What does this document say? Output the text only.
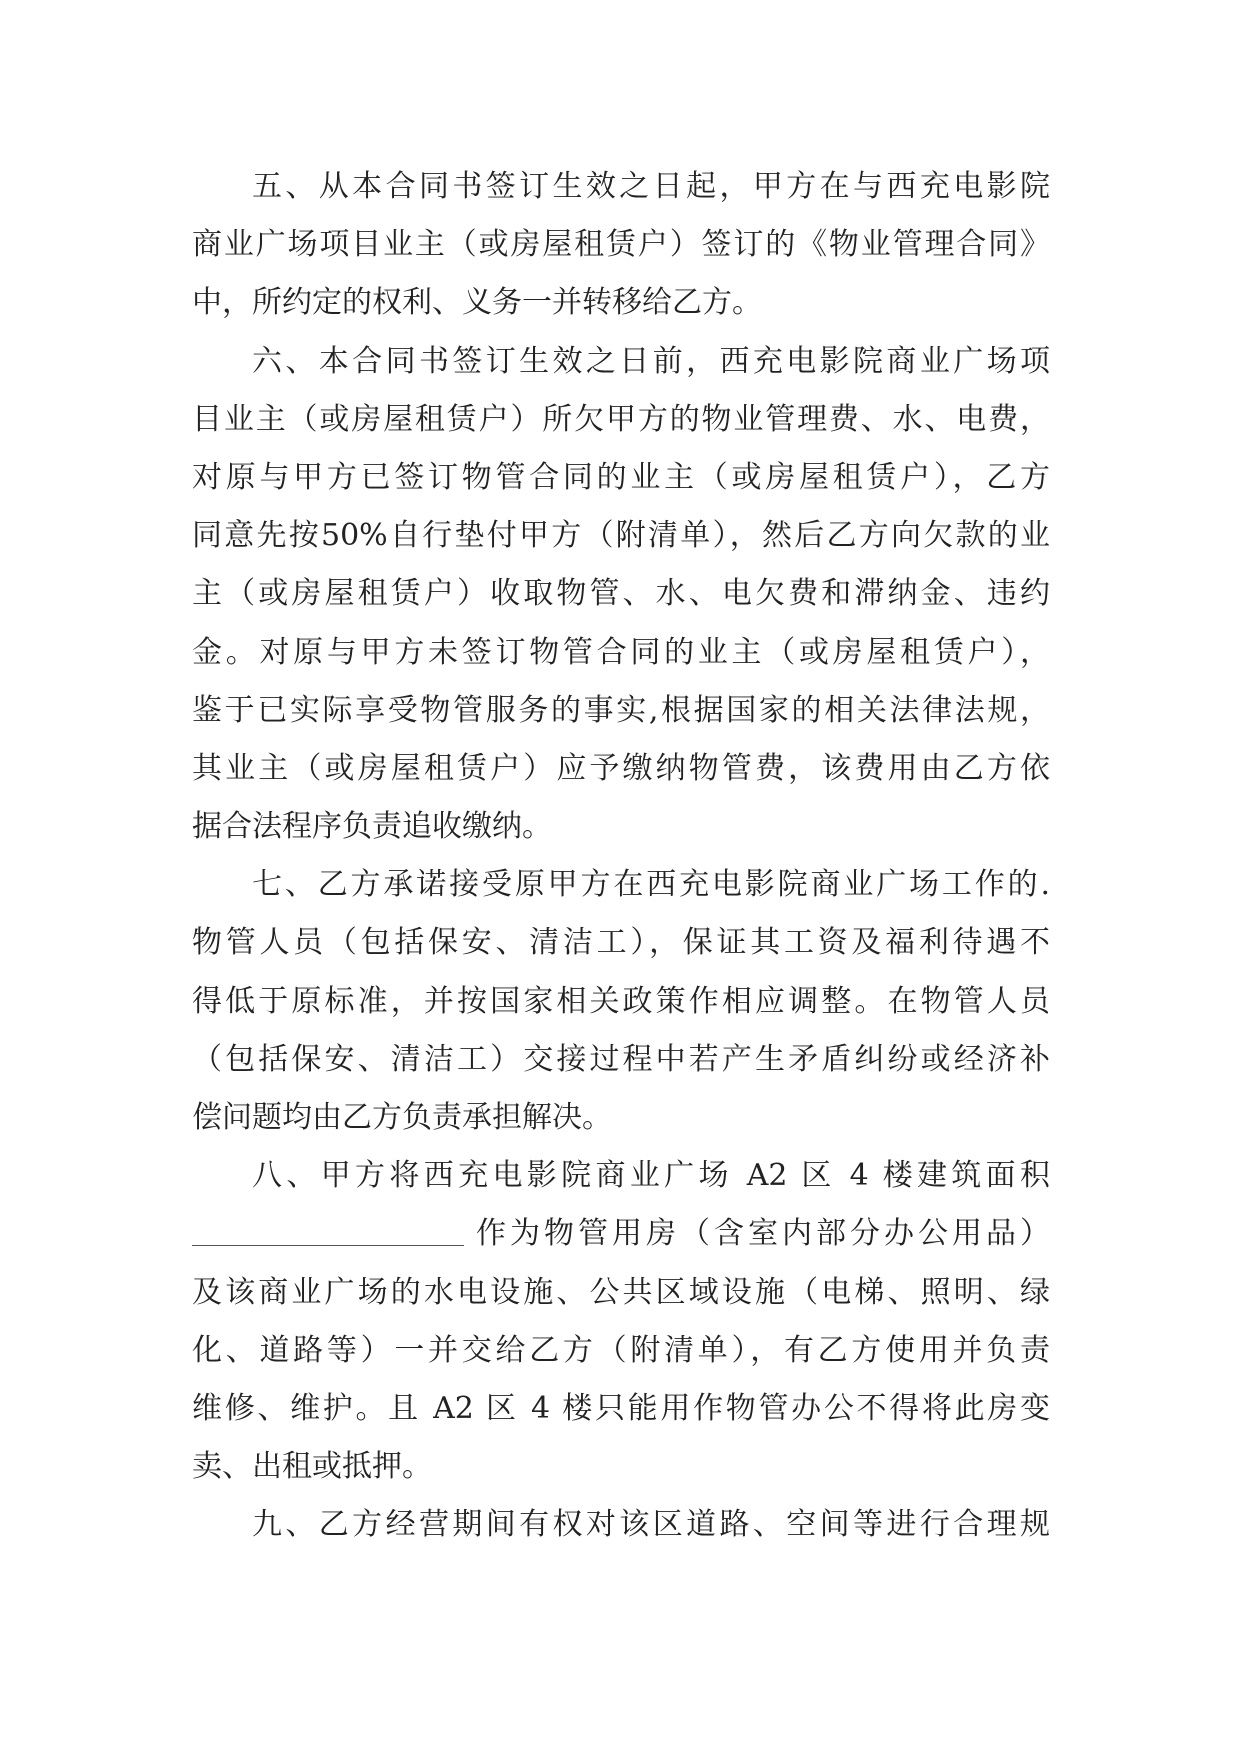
五、从本合同书签订生效之日起，甲方在与西充电影院
商业广场项目业主（或房屋租赁户）签订的《物业管理合同》
中，所约定的权利、义务一并转移给乙方。
六、本合同书签订生效之日前，西充电影院商业广场项
目业主（或房屋租赁户）所欠甲方的物业管理费、水、电费，
对原与甲方已签订物管合同的业主（或房屋租赁户），乙方
同意先按50%自行垫付甲方（附清单），然后乙方向欠款的业
主（或房屋租赁户）收取物管、水、电欠费和滞纳金、违约
金。对原与甲方未签订物管合同的业主（或房屋租赁户），
鉴于已实际享受物管服务的事实,根据国家的相关法律法规，
其业主（或房屋租赁户）应予缴纳物管费，该费用由乙方依
据合法程序负责追收缴纳。
七、乙方承诺接受原甲方在西充电影院商业广场工作的.
物管人员（包括保安、清洁工），保证其工资及福利待遇不
得低于原标准，并按国家相关政策作相应调整。在物管人员
（包括保安、清洁工）交接过程中若产生矛盾纠纷或经济补
偿问题均由乙方负责承担解决。
八、甲方将西充电影院商业广场 A2 区 4 楼建筑面积
作为物管用房（含室内部分办公用品）
及该商业广场的水电设施、公共区域设施（电梯、照明、绿
化、道路等）一并交给乙方（附清单），有乙方使用并负责
维修、维护。且 A2 区 4 楼只能用作物管办公不得将此房变
卖、出租或抵押。
九、乙方经营期间有权对该区道路、空间等进行合理规
